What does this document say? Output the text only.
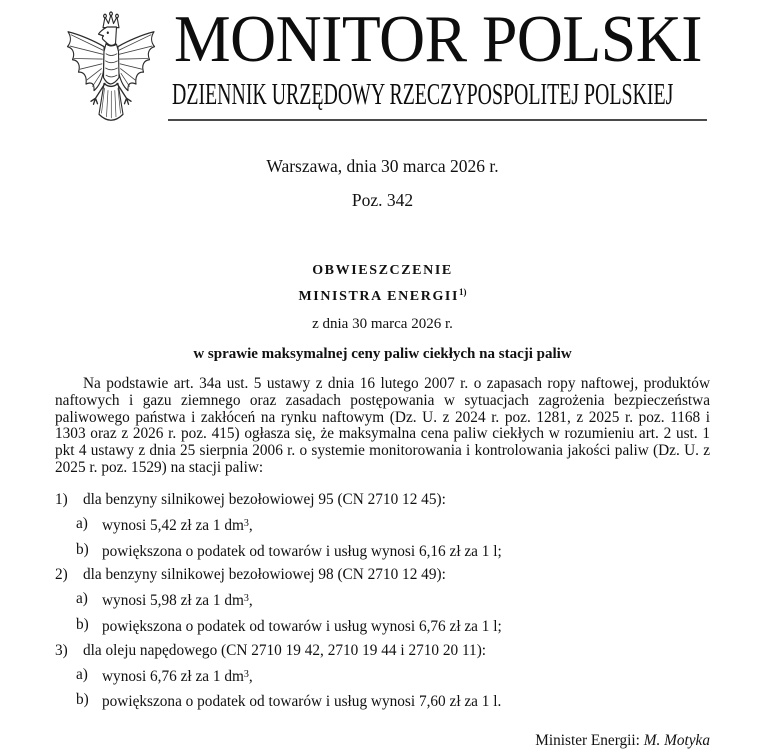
MONITOR POLSKI
DZIENNIK URZĘDOWY RZECZYPOSPOLITEJ POLSKIEJ
Warszawa, dnia 30 marca 2026 r.
Poz. 342
OBWIESZCZENIE
MINISTRA ENERGII$^{1)}$
z dnia 30 marca 2026 r.
w sprawie maksymalnej ceny paliw ciekłych na stacji paliw

Na podstawie art. 34a ust. 5 ustawy z dnia 16 lutego 2007 r. o zapasach ropy naftowej, produktów naftowych i gazu ziemnego oraz zasadach postępowania w sytuacjach zagrożenia bezpieczeństwa paliwowego państwa i zakłóceń na rynku naftowym (Dz. U. z 2024 r. poz. 1281, z 2025 r. poz. 1168 i 1303 oraz z 2026 r. poz. 415) ogłasza się, że maksymalna cena paliw ciekłych w rozumieniu art. 2 ust. 1 pkt 4 ustawy z dnia 25 sierpnia 2006 r. o systemie monitorowania i kontrolowania jakości paliw (Dz. U. z 2025 r. poz. 1529) na stacji paliw:

1) dla benzyny silnikowej bezołowiowej 95 (CN 2710 12 45):
a) wynosi 5,42 zł za 1 $dm^3$,
b) powiększona o podatek od towarów i usług wynosi 6,16 zł za 1 l;
2) dla benzyny silnikowej bezołowiowej 98 (CN 2710 12 49):
a) wynosi 5,98 zł za 1 $dm^3$,
b) powiększona o podatek od towarów i usług wynosi 6,76 zł za 1 l;
3) dla oleju napędowego (CN 2710 19 42, 2710 19 44 i 2710 20 11):
a) wynosi 6,76 zł za 1 $dm^3$,
b) powiększona o podatek od towarów i usług wynosi 7,60 zł za 1 l.
Minister Energii: M. Motyka
